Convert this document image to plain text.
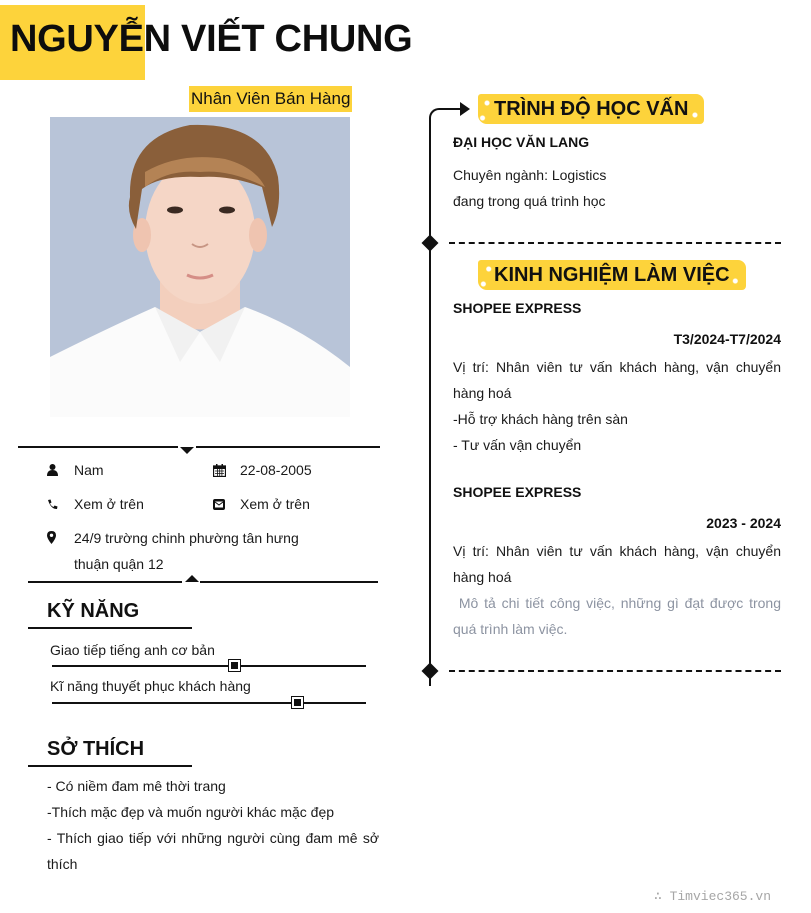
NGUYỄN VIẾT CHUNG
Nhân Viên Bán Hàng
Nam	22-08-2005
Xem ở trên	Xem ở trên
24/9 trường chinh phường tân hưng
thuận quận 12
KỸ NĂNG
Giao tiếp tiếng anh cơ bản
Kĩ năng thuyết phục khách hàng
SỞ THÍCH
- Có niềm đam mê thời trang
-Thích mặc đẹp và muốn người khác mặc đẹp
- Thích giao tiếp với những người cùng đam mê sở thích
TRÌNH ĐỘ HỌC VẤN
ĐẠI HỌC VĂN LANG
Chuyên ngành: Logistics
đang trong quá trình học
KINH NGHIỆM LÀM VIỆC
SHOPEE EXPRESS
T3/2024-T7/2024
Vị trí: Nhân viên tư vấn khách hàng, vận chuyển hàng hoá
-Hỗ trợ khách hàng trên sàn
- Tư vấn vận chuyển
SHOPEE EXPRESS
2023 - 2024
Vị trí: Nhân viên tư vấn khách hàng, vận chuyển hàng hoá
Mô tả chi tiết công việc, những gì đạt được trong quá trình làm việc.
∴ Timviec365.vn
